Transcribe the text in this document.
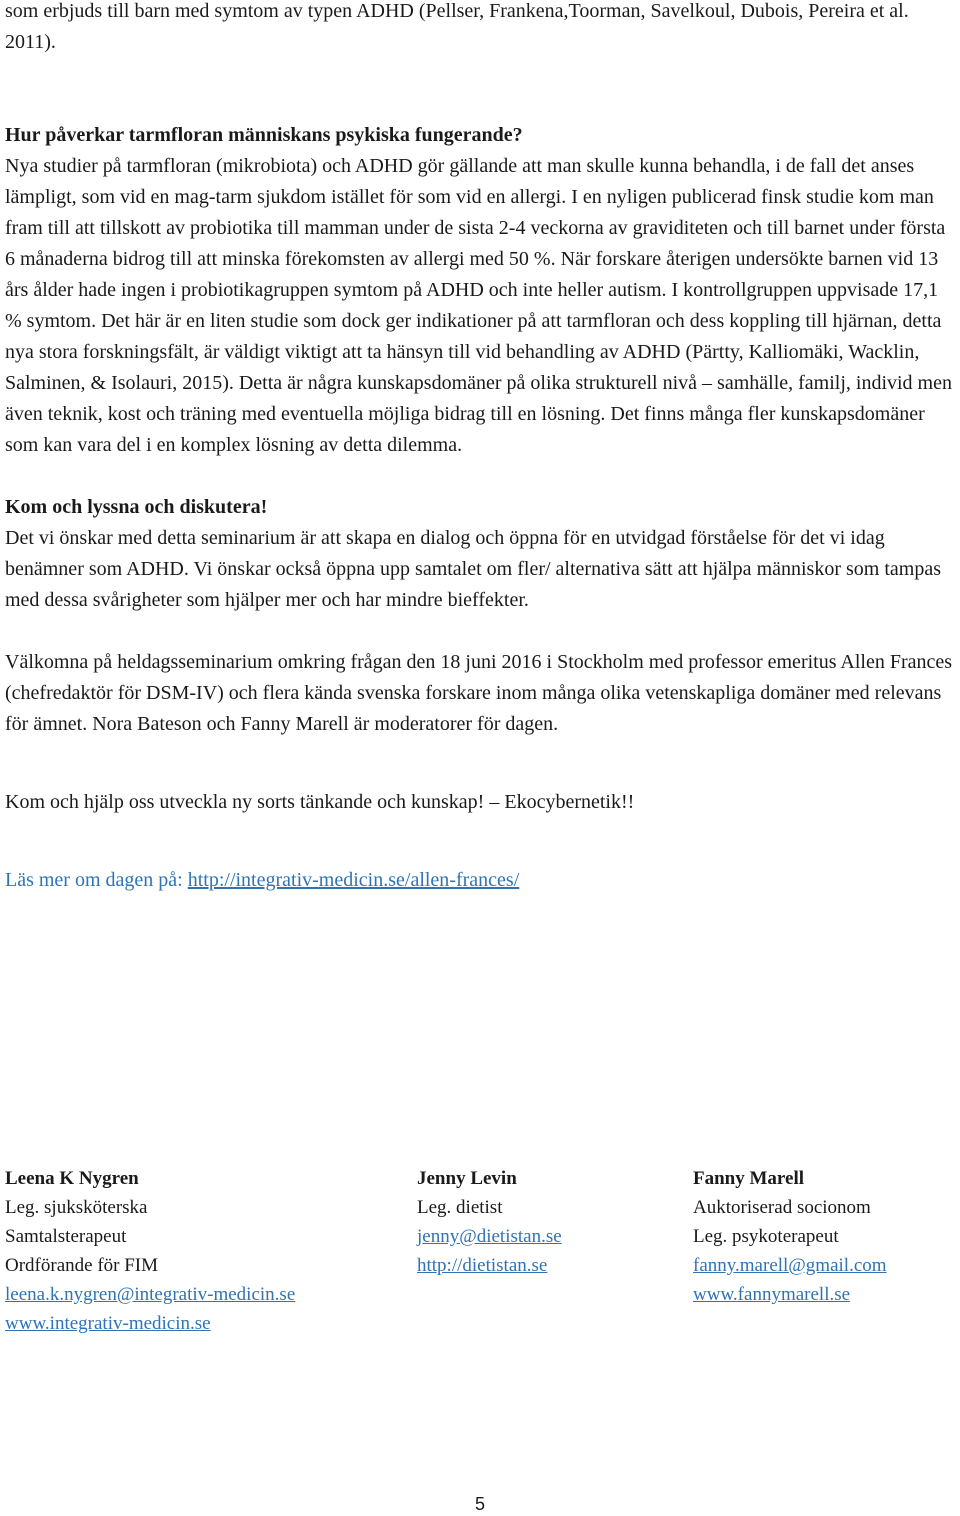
som erbjuds till barn med symtom av typen ADHD (Pellser, Frankena,Toorman, Savelkoul, Dubois, Pereira et al. 2011).

Hur påverkar tarmfloran människans psykiska fungerande?

Nya studier på tarmfloran (mikrobiota) och ADHD gör gällande att man skulle kunna behandla, i de fall det anses lämpligt, som vid en mag-tarm sjukdom istället för som vid en allergi. I en nyligen publicerad finsk studie kom man fram till att tillskott av probiotika till mamman under de sista 2-4 veckorna av graviditeten och till barnet under första 6 månaderna bidrog till att minska förekomsten av allergi med 50 %. När forskare återigen undersökte barnen vid 13 års ålder hade ingen i probiotikagruppen symtom på ADHD och inte heller autism. I kontrollgruppen uppvisade 17,1 % symtom. Det här är en liten studie som dock ger indikationer på att tarmfloran och dess koppling till hjärnan, detta nya stora forskningsfält, är väldigt viktigt att ta hänsyn till vid behandling av ADHD (Pärtty, Kalliomäki, Wacklin, Salminen, & Isolauri, 2015). Detta är några kunskapsdomäner på olika strukturell nivå – samhälle, familj, individ men även teknik, kost och träning med eventuella möjliga bidrag till en lösning. Det finns många fler kunskapsdomäner som kan vara del i en komplex lösning av detta dilemma.

Kom och lyssna och diskutera!

Det vi önskar med detta seminarium är att skapa en dialog och öppna för en utvidgad förståelse för det vi idag benämner som ADHD. Vi önskar också öppna upp samtalet om fler/ alternativa sätt att hjälpa människor som tampas med dessa svårigheter som hjälper mer och har mindre bieffekter.

Välkomna på heldagsseminarium omkring frågan den 18 juni 2016 i Stockholm med professor emeritus Allen Frances (chefredaktör för DSM-IV) och flera kända svenska forskare inom många olika vetenskapliga domäner med relevans för ämnet. Nora Bateson och Fanny Marell är moderatorer för dagen.

Kom och hjälp oss utveckla ny sorts tänkande och kunskap! – Ekocybernetik!!

Läs mer om dagen på: http://integrativ-medicin.se/allen-frances/

Leena K Nygren
Leg. sjuksköterska
Samtalsterapeut
Ordförande för FIM
leena.k.nygren@integrativ-medicin.se
www.integrativ-medicin.se
Jenny Levin
Leg. dietist
jenny@dietistan.se
http://dietistan.se
Fanny Marell
Auktoriserad socionom
Leg. psykoterapeut
fanny.marell@gmail.com
www.fannymarell.se
5
